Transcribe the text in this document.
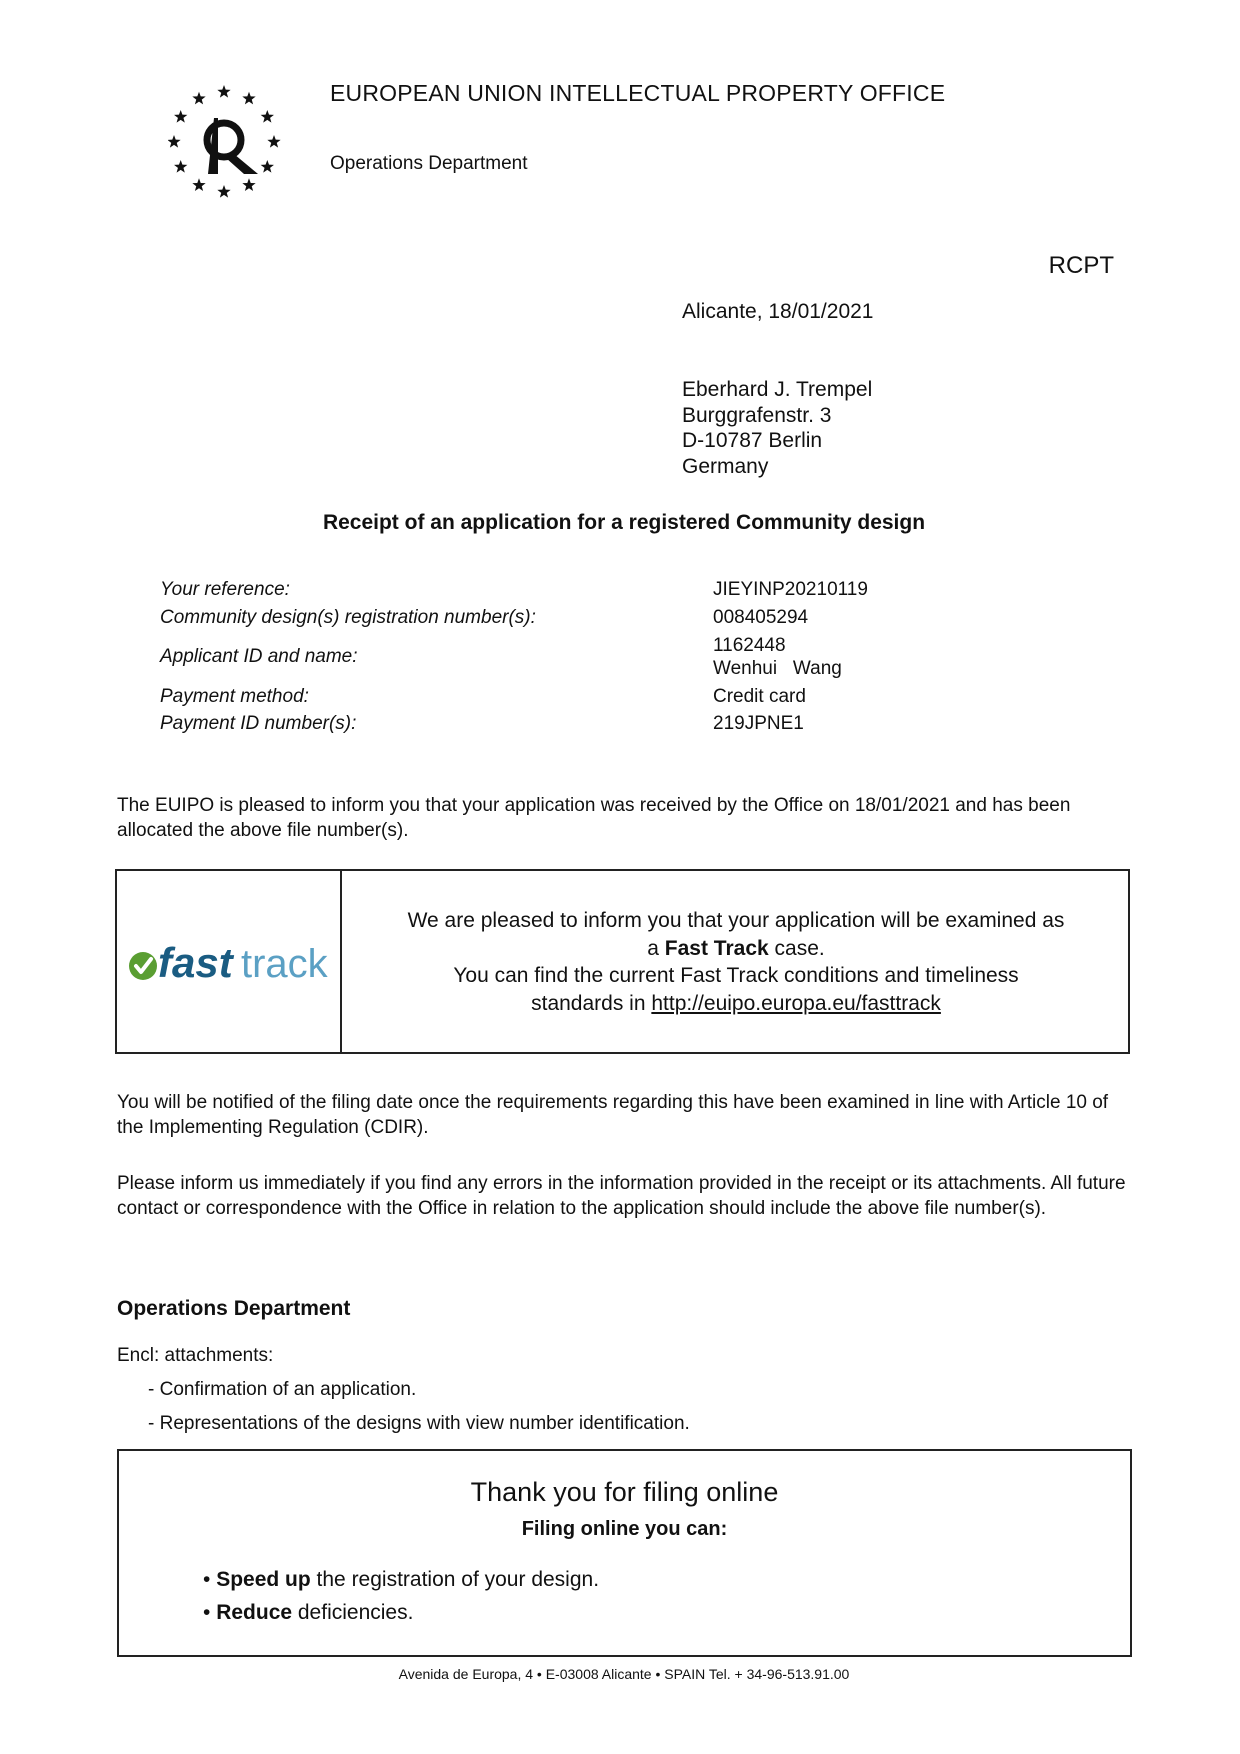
EUROPEAN UNION INTELLECTUAL PROPERTY OFFICE
Operations Department
RCPT
Alicante, 18/01/2021
Eberhard J. Trempel
Burggrafenstr. 3
D-10787 Berlin
Germany
Receipt of an application for a registered Community design
Your reference:	JIEYINP20210119
Community design(s) registration number(s):	008405294
Applicant ID and name:
1162448
Wenhui   Wang
Payment method:	Credit card
Payment ID number(s):	219JPNE1
The EUIPO is pleased to inform you that your application was received by the Office on 18/01/2021 and has been allocated the above file number(s).
fast track
We are pleased to inform you that your application will be examined as
a Fast Track case.
You can find the current Fast Track conditions and timeliness
standards in http://euipo.europa.eu/fasttrack
You will be notified of the filing date once the requirements regarding this have been examined in line with Article 10 of the Implementing Regulation (CDIR).
Please inform us immediately if you find any errors in the information provided in the receipt or its attachments. All future contact or correspondence with the Office in relation to the application should include the above file number(s).
Operations Department
Encl: attachments:
- Confirmation of an application.
- Representations of the designs with view number identification.
Thank you for filing online
Filing online you can:
• Speed up the registration of your design.
• Reduce deficiencies.
Avenida de Europa, 4 • E-03008 Alicante • SPAIN Tel. + 34-96-513.91.00
